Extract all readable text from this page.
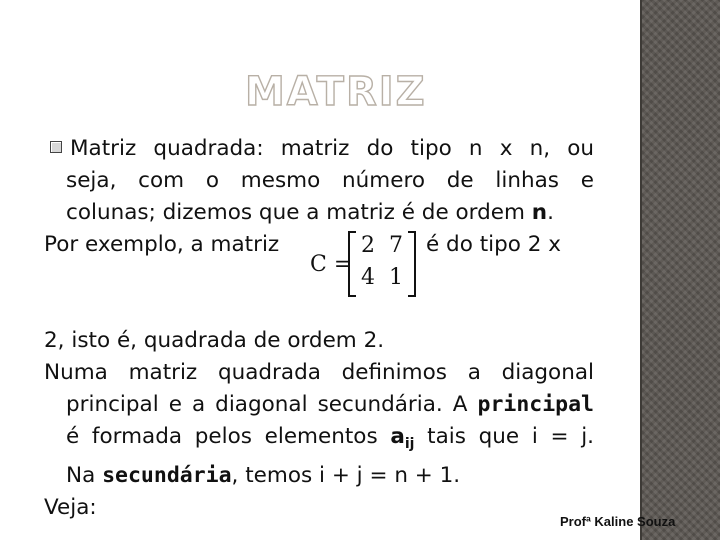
MATRIZ

Matriz quadrada: matriz do tipo n x n, ou

seja, com o mesmo número de linhas e

colunas; dizemos que a matriz é de ordem n.

Por exemplo, a matriz
C =
2 7
4 1
é do tipo 2 x

2, isto é, quadrada de ordem 2.

Numa matriz quadrada definimos a diagonal

principal e a diagonal secundária. A principal

é formada pelos elementos $a_{ij}$ tais que i = j.

Na secundária, temos i + j = n + 1.

Veja:

Profª Kaline Souza
